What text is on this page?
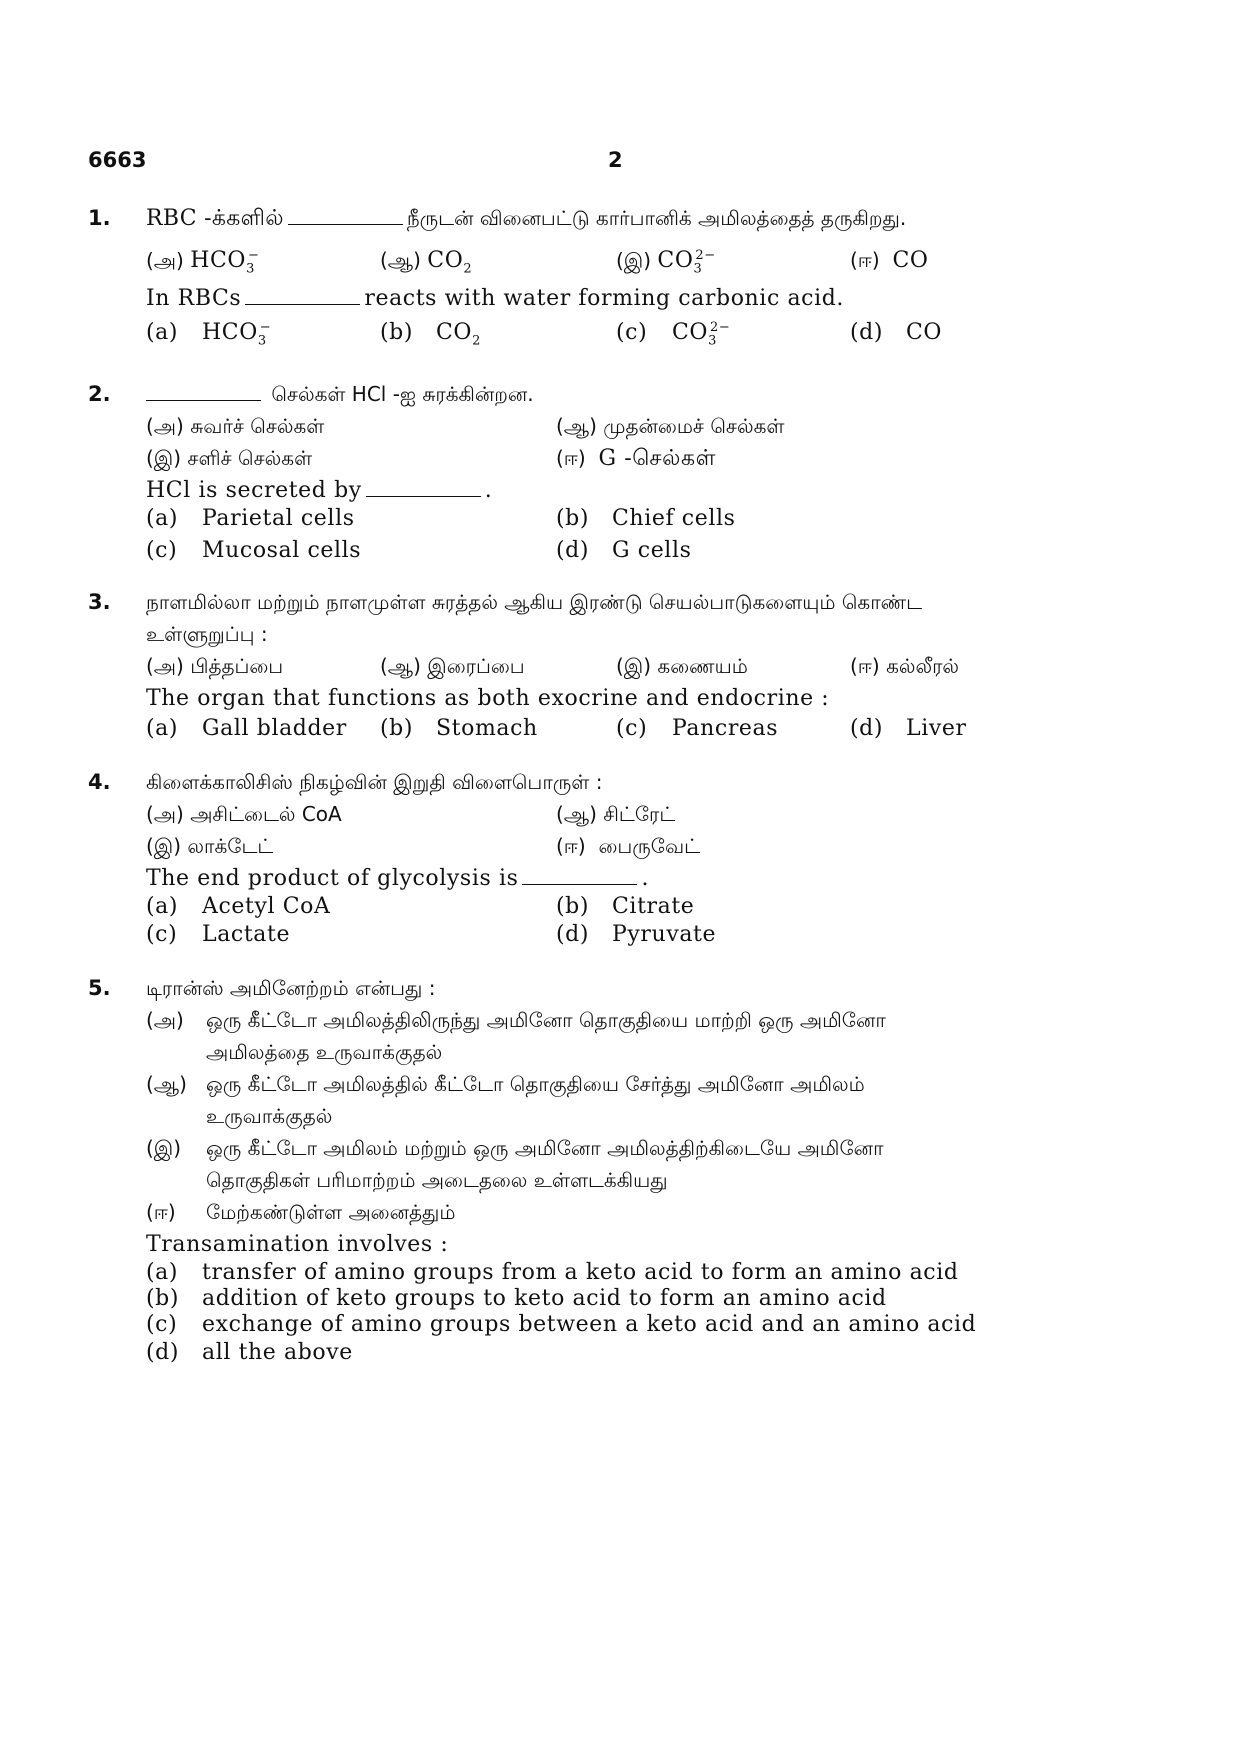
6663	2
1. RBC -க்களில்	நீருடன் வினைபட்டு கார்பானிக் அமிலத்தைத் தருகிறது.
(அ) $HCO_3^-$	(ஆ) $CO_2$	(இ) $CO_3^{2-}$	(ஈ) CO
In RBCs	reacts with water forming carbonic acid.
(a) $HCO_3^-$	(b) $CO_2$	(c) $CO_3^{2-}$	(d) CO
2.	செல்கள் HCl -ஐ சுரக்கின்றன.
(அ) சுவர்ச் செல்கள்	(ஆ) முதன்மைச் செல்கள்
(இ) சளிச் செல்கள்	(ஈ) G -செல்கள்
HCl is secreted by	.
(a) Parietal cells	(b) Chief cells
(c) Mucosal cells	(d) G cells
3. நாளமில்லா மற்றும் நாளமுள்ள சுரத்தல் ஆகிய இரண்டு செயல்பாடுகளையும் கொண்ட
உள்ளுறுப்பு :
(அ) பித்தப்பை	(ஆ) இரைப்பை	(இ) கணையம்	(ஈ) கல்லீரல்
The organ that functions as both exocrine and endocrine :
(a) Gall bladder (b) Stomach	(c) Pancreas	(d) Liver
4. கிளைக்காலிசிஸ் நிகழ்வின் இறுதி விளைபொருள் :
(அ) அசிட்டைல் CoA	(ஆ) சிட்ரேட்
(இ) லாக்டேட்	(ஈ) பைருவேட்
The end product of glycolysis is	.
(a) Acetyl CoA	(b) Citrate
(c) Lactate	(d) Pyruvate
5. டிரான்ஸ் அமினேற்றம் என்பது :
(அ) ஒரு கீட்டோ அமிலத்திலிருந்து அமினோ தொகுதியை மாற்றி ஒரு அமினோ
அமிலத்தை உருவாக்குதல்
(ஆ) ஒரு கீட்டோ அமிலத்தில் கீட்டோ தொகுதியை சேர்த்து அமினோ அமிலம்
உருவாக்குதல்
(இ) ஒரு கீட்டோ அமிலம் மற்றும் ஒரு அமினோ அமிலத்திற்கிடையே அமினோ
தொகுதிகள் பரிமாற்றம் அடைதலை உள்ளடக்கியது
(ஈ) மேற்கண்டுள்ள அனைத்தும்
Transamination involves :
(a) transfer of amino groups from a keto acid to form an amino acid
(b) addition of keto groups to keto acid to form an amino acid
(c) exchange of amino groups between a keto acid and an amino acid
(d) all the above
